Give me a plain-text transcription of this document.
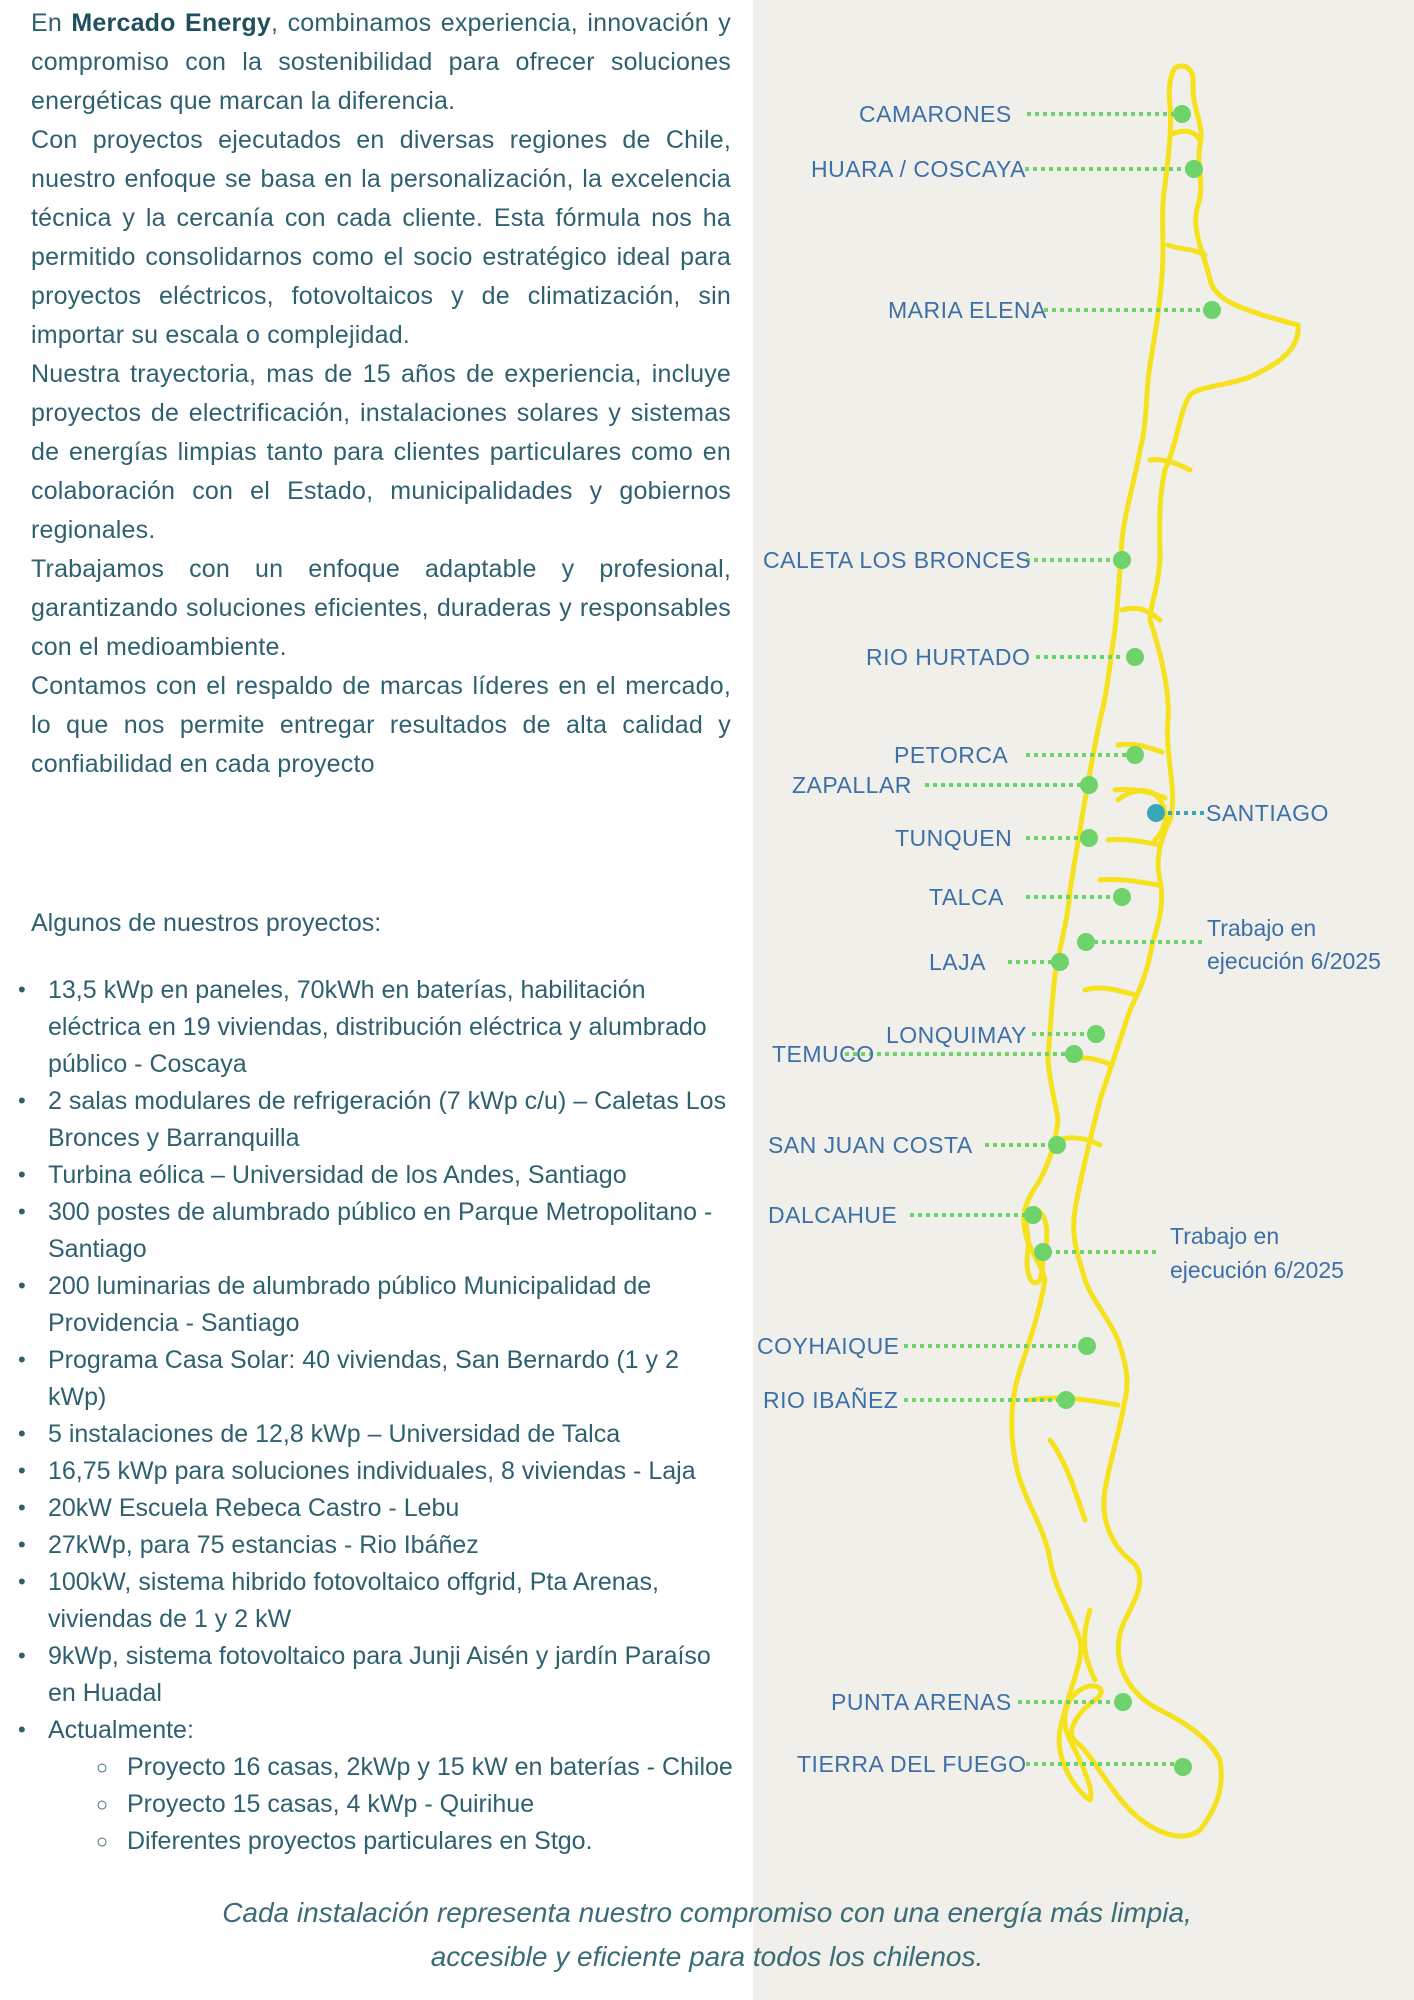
En Mercado Energy, combinamos experiencia, innovación y compromiso con la sostenibilidad para ofrecer soluciones energéticas que marcan la diferencia.

Con proyectos ejecutados en diversas regiones de Chile, nuestro enfoque se basa en la personalización, la excelencia técnica y la cercanía con cada cliente. Esta fórmula nos ha permitido consolidarnos como el socio estratégico ideal para proyectos eléctricos, fotovoltaicos y de climatización, sin importar su escala o complejidad.

Nuestra trayectoria, mas de 15 años de experiencia, incluye proyectos de electrificación, instalaciones solares y sistemas de energías limpias tanto para clientes particulares como en colaboración con el Estado, municipalidades y gobiernos regionales.

Trabajamos con un enfoque adaptable y profesional, garantizando soluciones eficientes, duraderas y responsables con el medioambiente.

Contamos con el respaldo de marcas líderes en el mercado, lo que nos permite entregar resultados de alta calidad y confiabilidad en cada proyecto

Algunos de nuestros proyectos:
• 13,5 kWp en paneles, 70kWh en baterías, habilitación eléctrica en 19 viviendas, distribución eléctrica y alumbrado público - Coscaya
• 2 salas modulares de refrigeración (7 kWp c/u) – Caletas Los Bronces y Barranquilla
• Turbina eólica – Universidad de los Andes, Santiago
• 300 postes de alumbrado público en Parque Metropolitano - Santiago
• 200 luminarias de alumbrado público Municipalidad de Providencia - Santiago
• Programa Casa Solar: 40 viviendas, San Bernardo (1 y 2 kWp)
• 5 instalaciones de 12,8 kWp – Universidad de Talca
• 16,75 kWp para soluciones individuales, 8 viviendas - Laja
• 20kW Escuela Rebeca Castro - Lebu
• 27kWp, para 75 estancias - Rio Ibáñez
• 100kW, sistema hibrido fotovoltaico offgrid, Pta Arenas, viviendas de 1 y 2 kW
• 9kWp, sistema fotovoltaico para Junji Aisén y jardín Paraíso en Huadal
• Actualmente:
○ Proyecto 16 casas, 2kWp y 15 kW en baterías - Chiloe
○ Proyecto 15 casas, 4 kWp - Quirihue
○ Diferentes proyectos particulares en Stgo.
CAMARONES
HUARA / COSCAYA
MARIA ELENA
CALETA LOS BRONCES
RIO HURTADO
PETORCA
ZAPALLAR
SANTIAGO
TUNQUEN
TALCA
LAJA
LONQUIMAY
TEMUCO
SAN JUAN COSTA
DALCAHUE
COYHAIQUE
RIO IBAÑEZ
PUNTA ARENAS
TIERRA DEL FUEGO
Trabajo en
ejecución 6/2025
Trabajo en
ejecución 6/2025

Cada instalación representa nuestro compromiso con una energía más limpia,

accesible y eficiente para todos los chilenos.
